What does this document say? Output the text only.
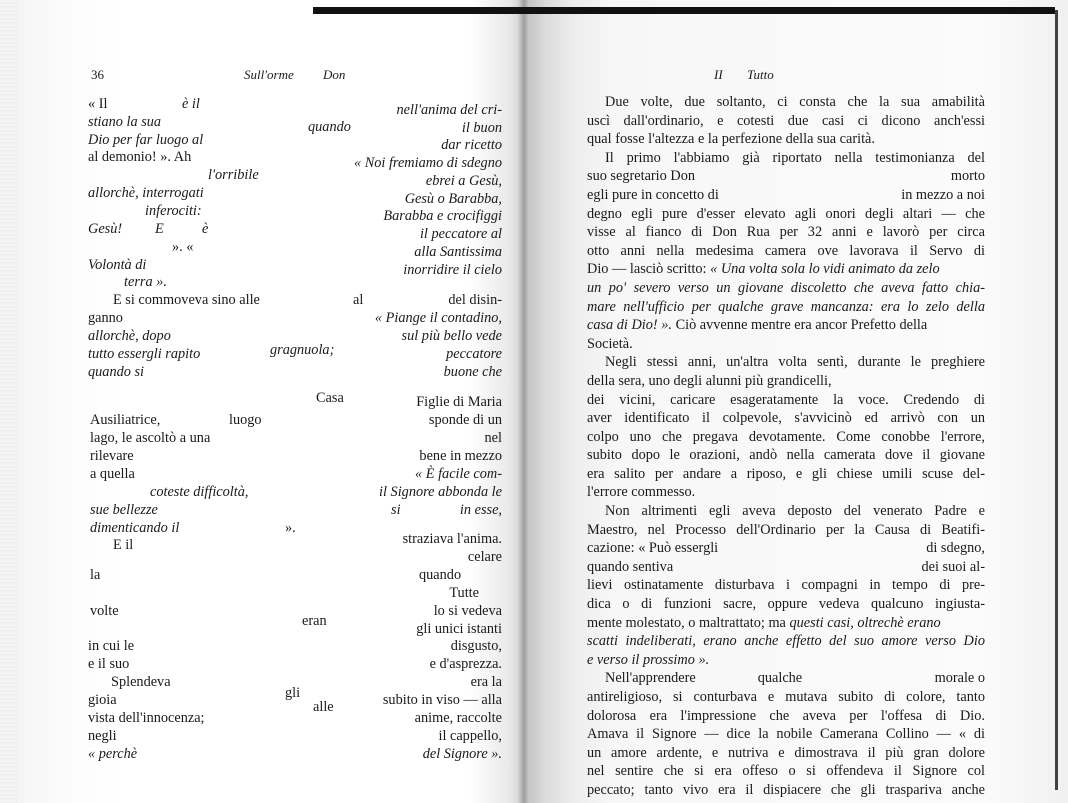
36	Sull'orme Don
« Il	è il
stiano la sua
Dio per far luogo al
al demonio! ». Ah
l'orribile
allorchè, interrogati
inferociti:
Gesù! E	è
». «
Volontà di
terra ».
E si commoveva sino alle
ganno
allorchè, dopo
tutto essergli rapito
quando si
Ausiliatrice,	luogo
lago, le ascoltò a una
rilevare
a quella
coteste difficoltà,
sue bellezze
dimenticando il	».
E il
la
volte
in cui le
e il suo
Splendeva
gioia
vista dell'innocenza;
negli
« perchè
quando
al
gragnuola;
Casa
eran
gli
alle
nell'anima del cri-
il buon
dar ricetto
« Noi fremiamo di sdegno
ebrei a Gesù,
Gesù o Barabba,
Barabba e crocifiggi
il peccatore al
alla Santissima
inorridire il cielo
del disin-
« Piange il contadino,
sul più bello vede
peccatore
buone che
Figlie di Maria
sponde di un
nel
bene in mezzo
« È facile com-
il Signore abbonda le
si	in esse,
straziava l'anima.
celare
quando
Tutte
lo si vedeva
gli unici istanti
disgusto,
e d'asprezza.
era la
subito in viso — alla
anime, raccolte
il cappello,
del Signore ».
II Tutto
Due volte, due soltanto, ci consta che la sua amabilità
uscì dall'ordinario, e cotesti due casi ci dicono anch'essi
qual fosse l'altezza e la perfezione della sua carità.
Il primo l'abbiamo già riportato nella testimonianza del
suo segretario Don	morto
egli pure in concetto di	in mezzo a noi
degno egli pure d'esser elevato agli onori degli altari — che
visse al fianco di Don Rua per 32 anni e lavorò per circa
otto anni nella medesima camera ove lavorava il Servo di
Dio — lasciò scritto: « Una volta sola lo vidi animato da zelo
un po' severo verso un giovane discoletto che aveva fatto chia-
mare nell'ufficio per qualche grave mancanza: era lo zelo della
casa di Dio! ». Ciò avvenne mentre era ancor Prefetto della
Società.
Negli stessi anni, un'altra volta sentì, durante le preghiere
della sera, uno degli alunni più grandicelli,
dei vicini, caricare esageratamente la voce. Credendo di
aver identificato il colpevole, s'avvicinò ed arrivò con un
colpo uno che pregava devotamente. Come conobbe l'errore,
subito dopo le orazioni, andò nella camerata dove il giovane
era salito per andare a riposo, e gli chiese umili scuse del-
l'errore commesso.
Non altrimenti egli aveva deposto del venerato Padre e
Maestro, nel Processo dell'Ordinario per la Causa di Beatifi-
cazione: « Può essergli	di sdegno,
quando sentiva	dei suoi al-
lievi ostinatamente disturbava i compagni in tempo di pre-
dica o di funzioni sacre, oppure vedeva qualcuno ingiusta-
mente molestato, o maltrattato; ma questi casi, oltrechè erano
scatti indeliberati, erano anche effetto del suo amore verso Dio
e verso il prossimo ».
Nell'apprendere	qualche	morale o
antireligioso, si conturbava e mutava subito di colore, tanto
dolorosa era l'impressione che aveva per l'offesa di Dio.
Amava il Signore — dice la nobile Camerana Collino — « di
un amore ardente, e nutriva e dimostrava il più gran dolore
nel sentire che si era offeso o si offendeva il Signore col
peccato; tanto vivo era il dispiacere che gli traspariva anche
